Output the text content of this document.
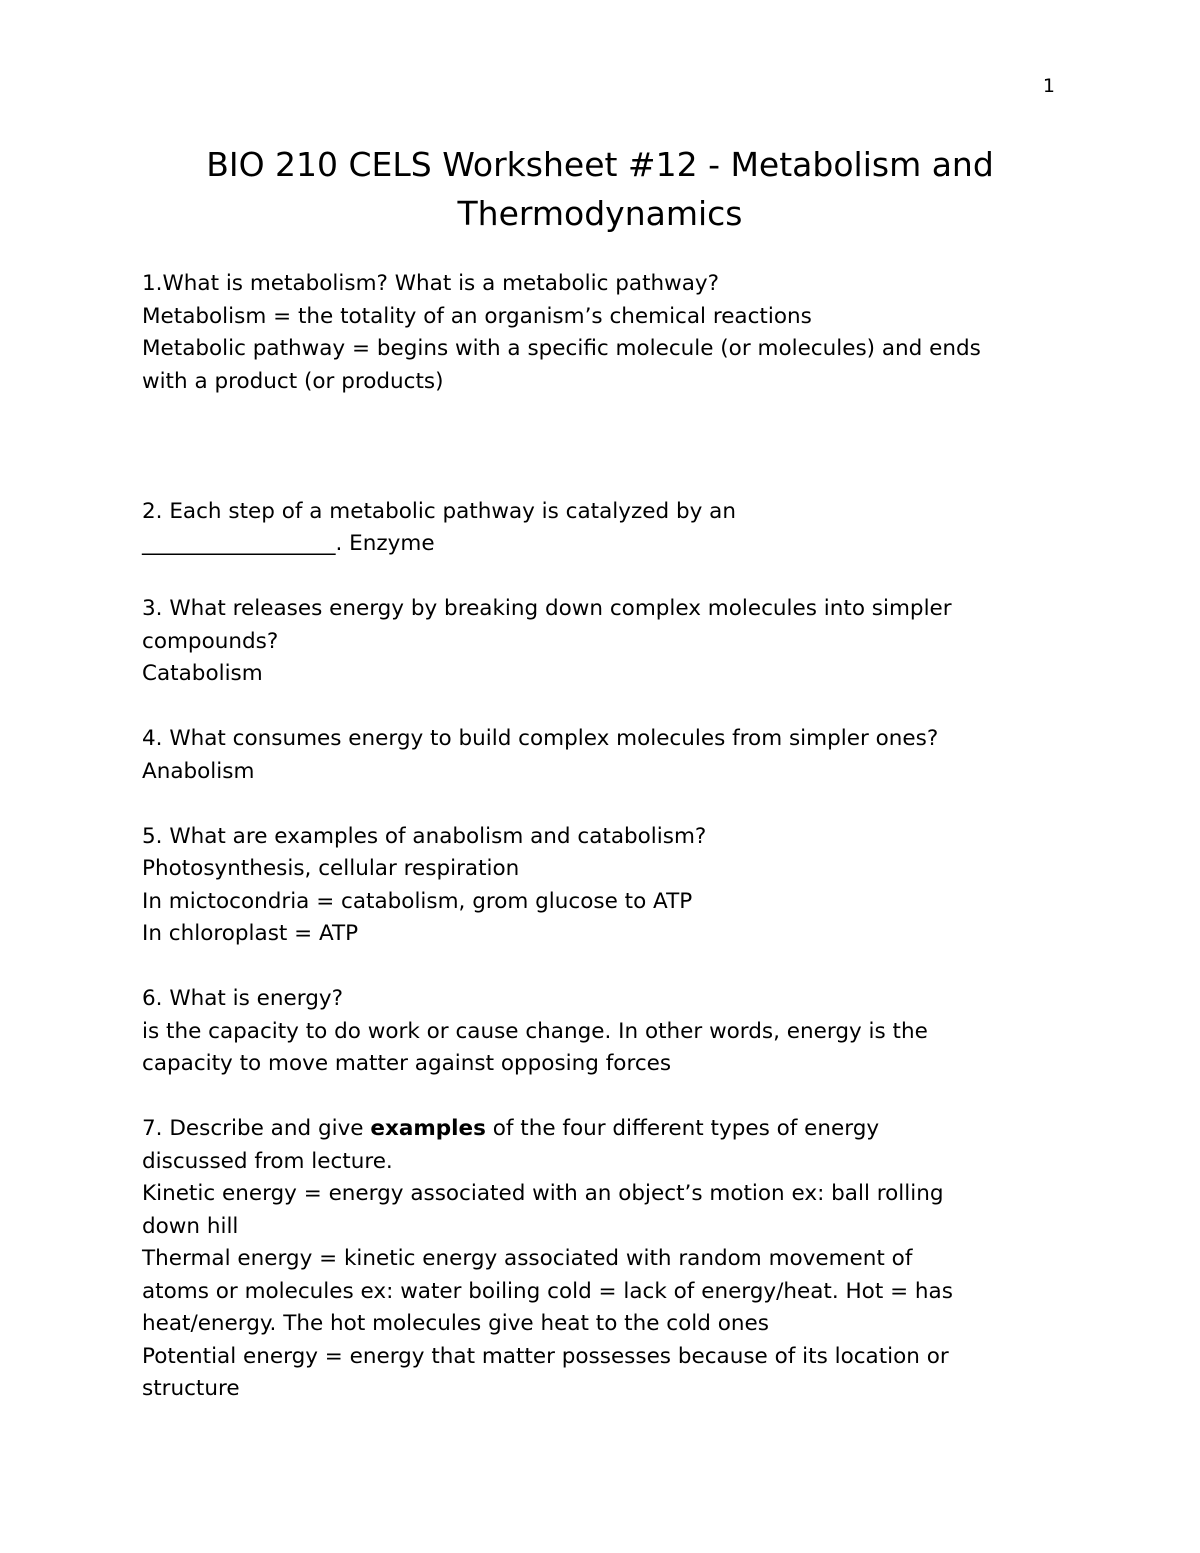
1
BIO 210 CELS Worksheet #12 - Metabolism and
Thermodynamics
1.What is metabolism? What is a metabolic pathway?
Metabolism = the totality of an organism’s chemical reactions
Metabolic pathway = begins with a specific molecule (or molecules) and ends
with a product (or products)
2. Each step of a metabolic pathway is catalyzed by an
__________________. Enzyme
3. What releases energy by breaking down complex molecules into simpler
compounds?
Catabolism
4. What consumes energy to build complex molecules from simpler ones?
Anabolism
5. What are examples of anabolism and catabolism?
Photosynthesis, cellular respiration
In mictocondria = catabolism, grom glucose to ATP
In chloroplast = ATP
6. What is energy?
is the capacity to do work or cause change. In other words, energy is the
capacity to move matter against opposing forces
7. Describe and give examples of the four different types of energy
discussed from lecture.
Kinetic energy = energy associated with an object’s motion ex: ball rolling
down hill
Thermal energy = kinetic energy associated with random movement of
atoms or molecules ex: water boiling cold = lack of energy/heat. Hot = has
heat/energy. The hot molecules give heat to the cold ones
Potential energy = energy that matter possesses because of its location or
structure
